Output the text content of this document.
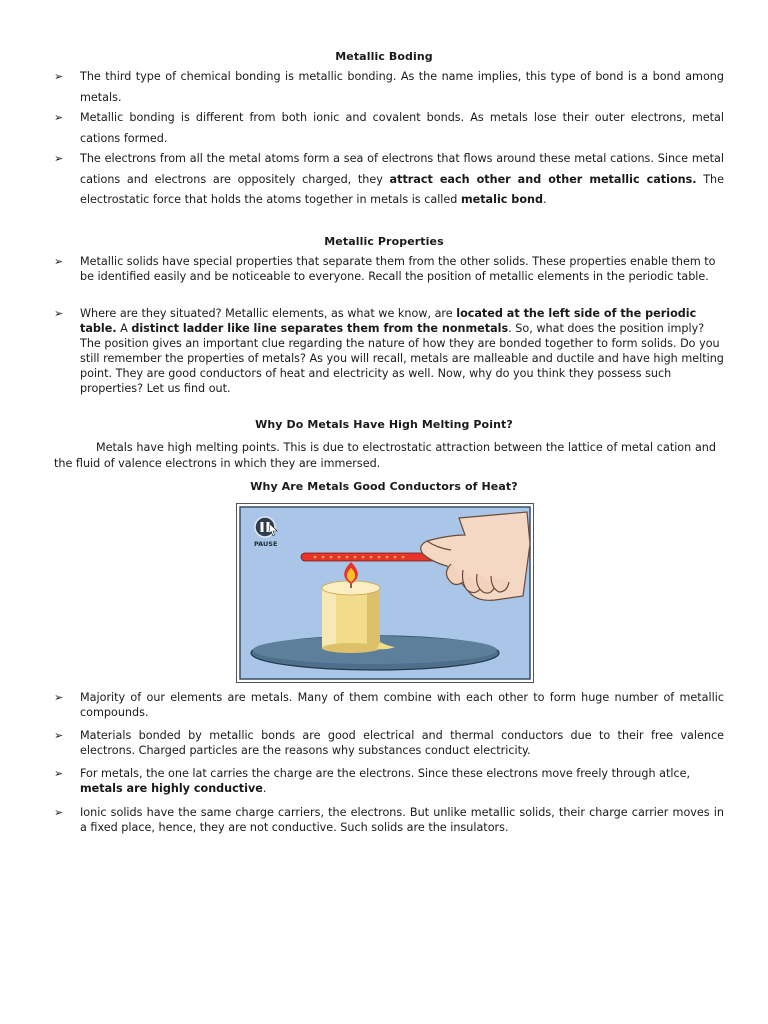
Metallic Boding
➢ The third type of chemical bonding is metallic bonding. As the name implies, this type of bond is a bond among metals.
➢ Metallic bonding is different from both ionic and covalent bonds. As metals lose their outer electrons, metal cations formed.
➢ The electrons from all the metal atoms form a sea of electrons that flows around these metal cations. Since metal cations and electrons are oppositely charged, they attract each other and other metallic cations. The electrostatic force that holds the atoms together in metals is called metalic bond.
Metallic Properties
➢ Metallic solids have special properties that separate them from the other solids. These properties enable them to be identified easily and be noticeable to everyone. Recall the position of metallic elements in the periodic table.
➢ Where are they situated? Metallic elements, as what we know, are located at the left side of the periodic table. A distinct ladder like line separates them from the nonmetals. So, what does the position imply? The position gives an important clue regarding the nature of how they are bonded together to form solids. Do you still remember the properties of metals? As you will recall, metals are malleable and ductile and have high melting point. They are good conductors of heat and electricity as well. Now, why do you think they possess such properties? Let us find out.
Why Do Metals Have High Melting Point?
Metals have high melting points. This is due to electrostatic attraction between the lattice of metal cation and the fluid of valence electrons in which they are immersed.
Why Are Metals Good Conductors of Heat?
PAUSE
➢ Majority of our elements are metals. Many of them combine with each other to form huge number of metallic compounds.
➢ Materials bonded by metallic bonds are good electrical and thermal conductors due to their free valence electrons. Charged particles are the reasons why substances conduct electricity.
➢ For metals, the one lat carries the charge are the electrons. Since these electrons move freely through atlce, metals are highly conductive.
➢ Ionic solids have the same charge carriers, the electrons. But unlike metallic solids, their charge carrier moves in a fixed place, hence, they are not conductive. Such solids are the insulators.
